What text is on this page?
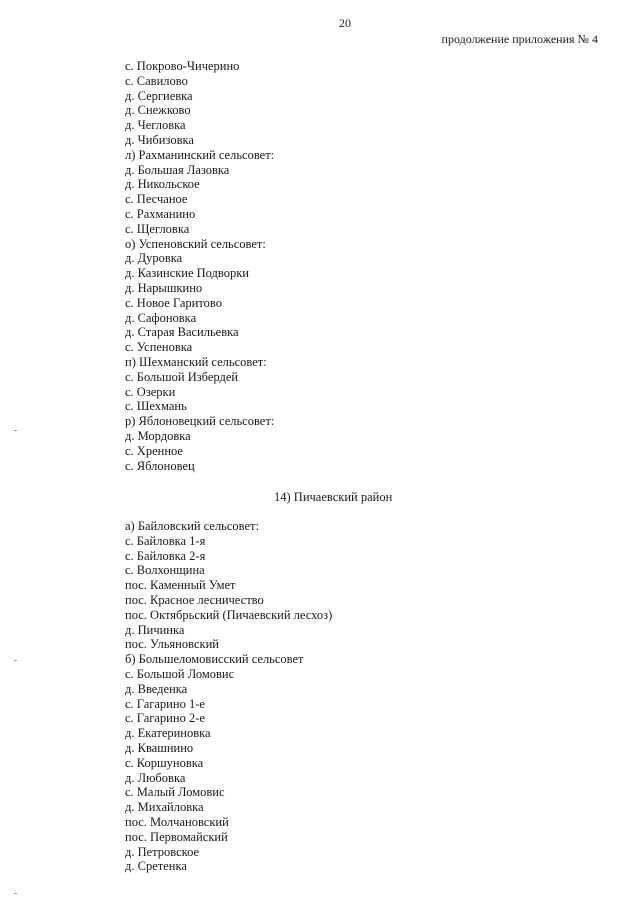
20
продолжение приложения № 4
с. Покрово-Чичерино
с. Савилово
д. Сергиевка
д. Снежково
д. Чегловка
д. Чибизовка
л) Рахманинский сельсовет:
д. Большая Лазовка
д. Никольское
с. Песчаное
с. Рахманино
с. Щегловка
о) Успеновский сельсовет:
д. Дуровка
д. Казинские Подворки
д. Нарышкино
с. Новое Гаритово
д. Сафоновка
д. Старая Васильевка
с. Успеновка
п) Шехманский сельсовет:
с. Большой Избердей
с. Озерки
с. Шехмань
р) Яблоновецкий сельсовет:
д. Мордовка
с. Хренное
с. Яблоновец
14) Пичаевский район
а) Байловский сельсовет:
с. Байловка 1-я
с. Байловка 2-я
с. Волхонщина
пос. Каменный Умет
пос. Красное лесничество
пос. Октябрьский (Пичаевский лесхоз)
д. Пичинка
пос. Ульяновский
б) Большеломовисский сельсовет
с. Большой Ломовис
д. Введенка
с. Гагарино 1-е
с. Гагарино 2-е
д. Екатериновка
д. Квашнино
с. Коршуновка
д. Любовка
с. Малый Ломовис
д. Михайловка
пос. Молчановский
пос. Первомайский
д. Петровское
д. Сретенка
